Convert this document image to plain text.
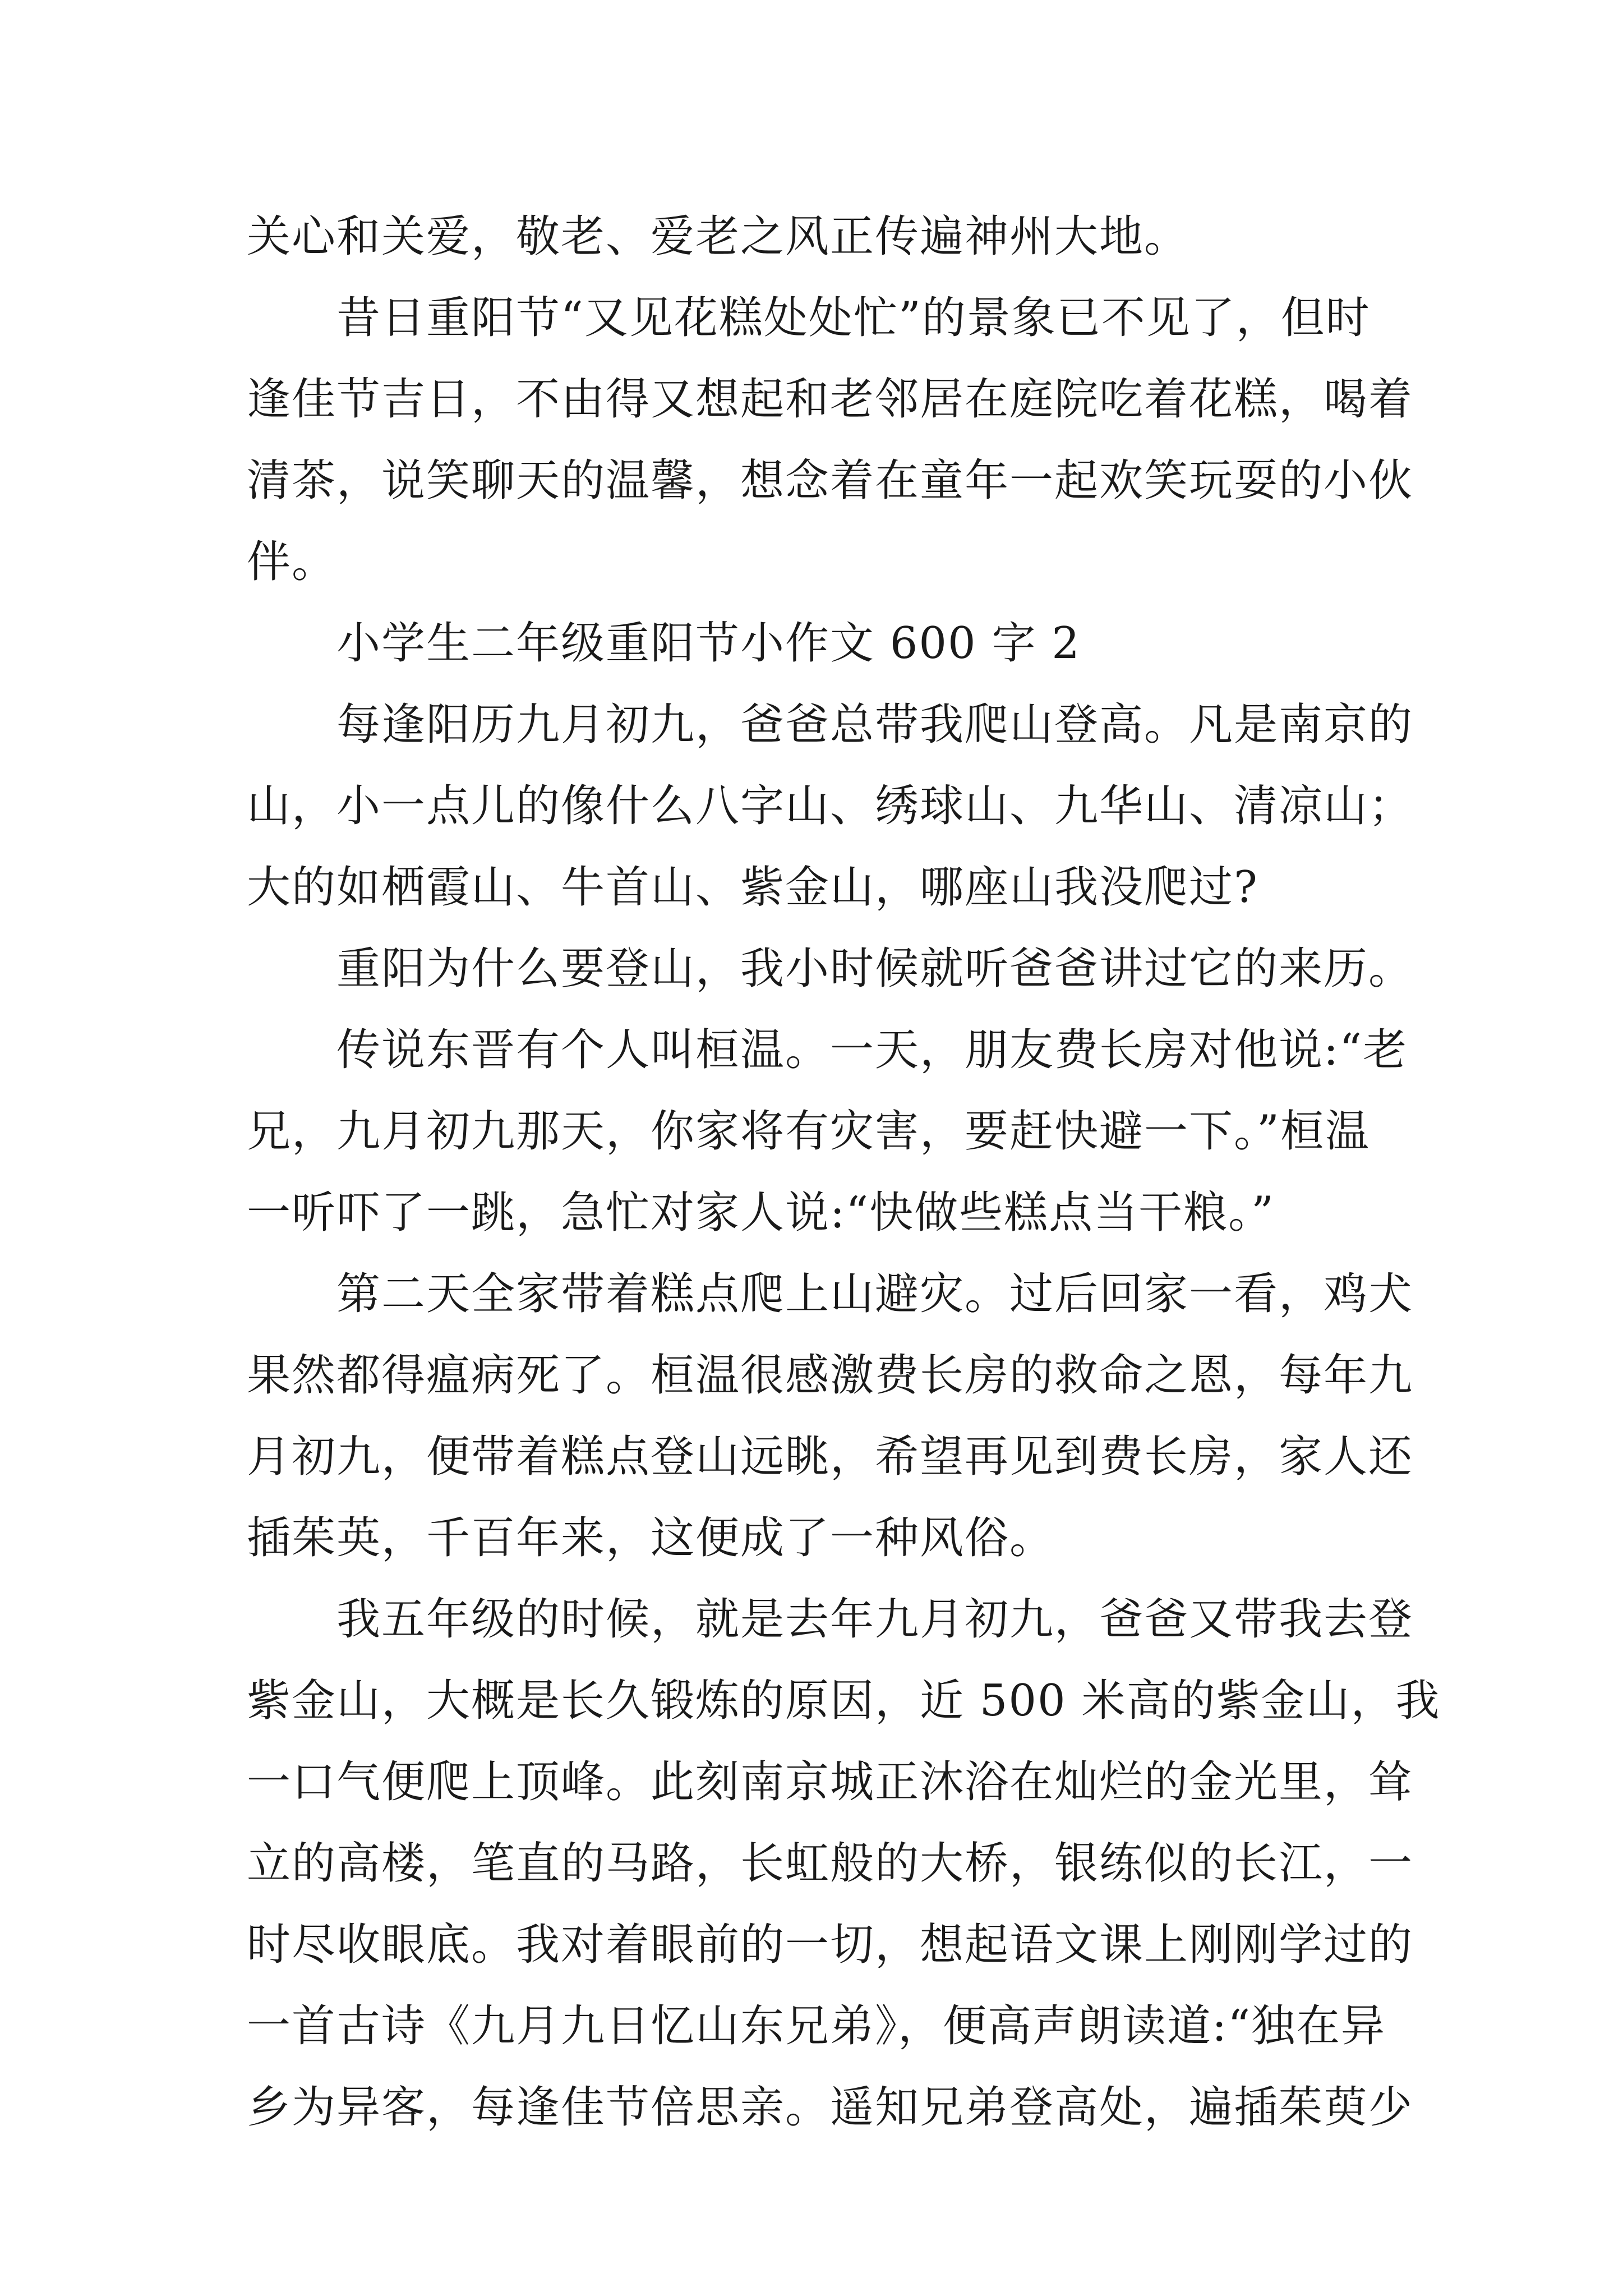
关心和关爱，敬老、爱老之风正传遍神州大地。
昔日重阳节“又见花糕处处忙”的景象已不见了，但时
逢佳节吉日，不由得又想起和老邻居在庭院吃着花糕，喝着
清茶，说笑聊天的温馨，想念着在童年一起欢笑玩耍的小伙
伴。
小学生二年级重阳节小作文 600 字 2
每逢阳历九月初九，爸爸总带我爬山登高。凡是南京的
山，小一点儿的像什么八字山、绣球山、九华山、清凉山；
大的如栖霞山、牛首山、紫金山，哪座山我没爬过?
重阳为什么要登山，我小时候就听爸爸讲过它的来历。
传说东晋有个人叫桓温。一天，朋友费长房对他说:“老
兄，九月初九那天，你家将有灾害，要赶快避一下。”桓温
一听吓了一跳，急忙对家人说:“快做些糕点当干粮。”
第二天全家带着糕点爬上山避灾。过后回家一看，鸡犬
果然都得瘟病死了。桓温很感激费长房的救命之恩，每年九
月初九，便带着糕点登山远眺，希望再见到费长房，家人还
插茱英，千百年来，这便成了一种风俗。
我五年级的时候，就是去年九月初九，爸爸又带我去登
紫金山，大概是长久锻炼的原因，近 500 米高的紫金山，我
一口气便爬上顶峰。此刻南京城正沐浴在灿烂的金光里，耸
立的高楼，笔直的马路，长虹般的大桥，银练似的长江，一
时尽收眼底。我对着眼前的一切，想起语文课上刚刚学过的
一首古诗《九月九日忆山东兄弟》，便高声朗读道:“独在异
乡为异客，每逢佳节倍思亲。遥知兄弟登高处，遍插茱萸少
